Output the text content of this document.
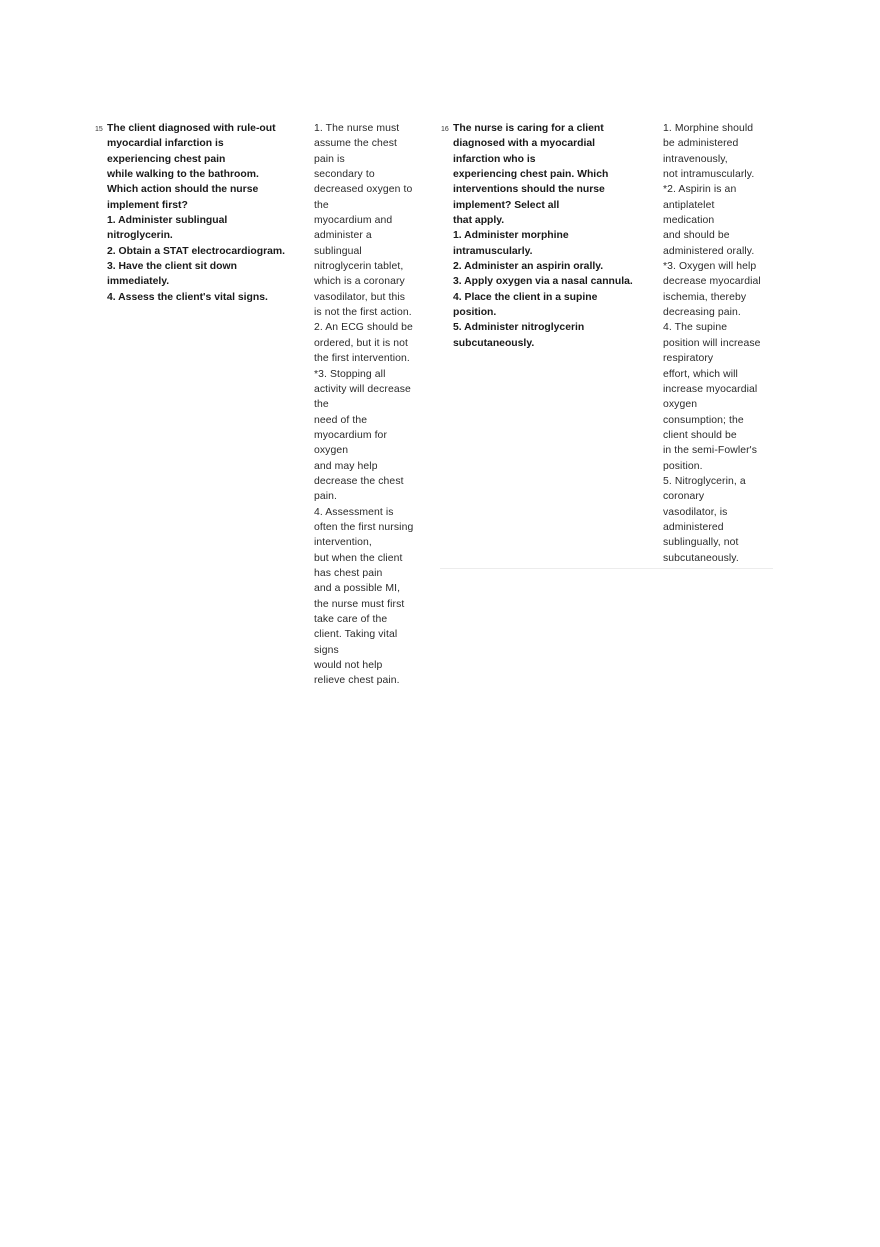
15 The client diagnosed with rule-out
myocardial infarction is
experiencing chest pain
while walking to the bathroom.
Which action should the nurse
implement first?
1. Administer sublingual
nitroglycerin.
2. Obtain a STAT electrocardiogram.
3. Have the client sit down
immediately.
4. Assess the client's vital signs.
1. The nurse must
assume the chest
pain is
secondary to
decreased oxygen to
the
myocardium and
administer a
sublingual
nitroglycerin tablet,
which is a coronary
vasodilator, but this
is not the first action.
2. An ECG should be
ordered, but it is not
the first intervention.
*3. Stopping all
activity will decrease
the
need of the
myocardium for
oxygen
and may help
decrease the chest
pain.
4. Assessment is
often the first nursing
intervention,
but when the client
has chest pain
and a possible MI,
the nurse must first
take care of the
client. Taking vital
signs
would not help
relieve chest pain.
16 The nurse is caring for a client
diagnosed with a myocardial
infarction who is
experiencing chest pain. Which
interventions should the nurse
implement? Select all
that apply.
1. Administer morphine
intramuscularly.
2. Administer an aspirin orally.
3. Apply oxygen via a nasal cannula.
4. Place the client in a supine
position.
5. Administer nitroglycerin
subcutaneously.
1. Morphine should
be administered
intravenously,
not intramuscularly.
*2. Aspirin is an
antiplatelet
medication
and should be
administered orally.
*3. Oxygen will help
decrease myocardial
ischemia, thereby
decreasing pain.
4. The supine
position will increase
respiratory
effort, which will
increase myocardial
oxygen
consumption; the
client should be
in the semi-Fowler's
position.
5. Nitroglycerin, a
coronary
vasodilator, is
administered
sublingually, not
subcutaneously.
